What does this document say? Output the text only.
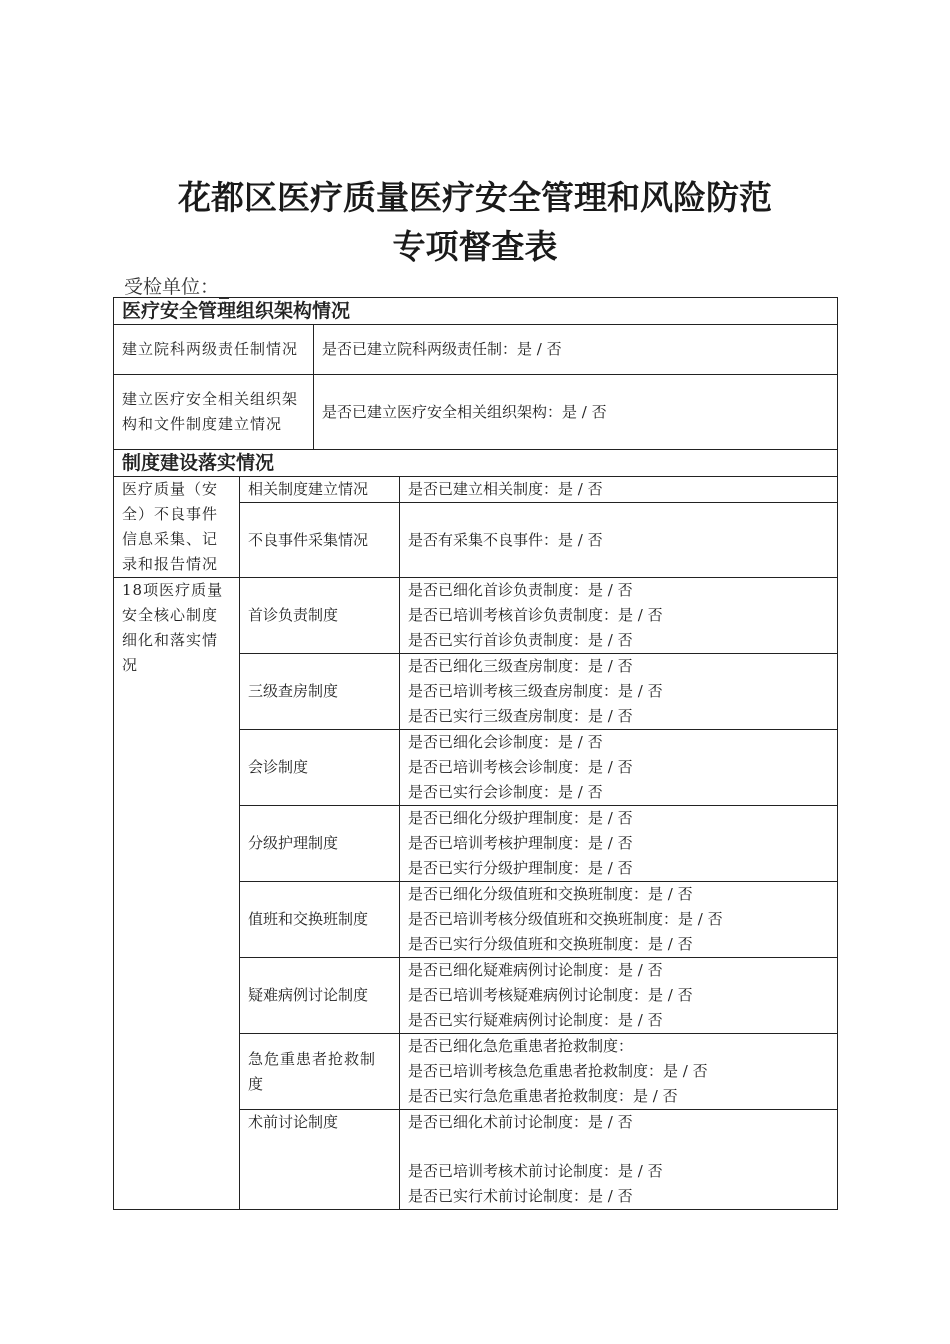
花都区医疗质量医疗安全管理和风险防范
专项督查表
受检单位：
医疗安全管理组织架构情况			
建立院科两级责任制情况		是否已建立院科两级责任制：是 / 否	
建立医疗安全相关组织架构和文件制度建立情况		是否已建立医疗安全相关组织架构：是 / 否	
制度建设落实情况			
医疗质量（安全）不良事件信息采集、记录和报告情况	相关制度建立情况		是否已建立相关制度：是 / 否
	不良事件采集情况		是否有采集不良事件：是 / 否
18项医疗质量安全核心制度细化和落实情况	首诊负责制度		是否已细化首诊负责制度：是 / 否
是否已培训考核首诊负责制度：是 / 否
是否已实行首诊负责制度：是 / 否

	三级查房制度		是否已细化三级查房制度：是 / 否
是否已培训考核三级查房制度：是 / 否
是否已实行三级查房制度：是 / 否

	会诊制度		是否已细化会诊制度：是 / 否
是否已培训考核会诊制度：是 / 否
是否已实行会诊制度：是 / 否

	分级护理制度		是否已细化分级护理制度：是 / 否
是否已培训考核护理制度：是 / 否
是否已实行分级护理制度：是 / 否

	值班和交换班制度		是否已细化分级值班和交换班制度：是 / 否
是否已培训考核分级值班和交换班制度：是 / 否
是否已实行分级值班和交换班制度：是 / 否

	疑难病例讨论制度		是否已细化疑难病例讨论制度：是 / 否
是否已培训考核疑难病例讨论制度：是 / 否
是否已实行疑难病例讨论制度：是 / 否

	急危重患者抢救制度		是否已细化急危重患者抢救制度：
是否已培训考核急危重患者抢救制度：是 / 否
是否已实行急危重患者抢救制度：是 / 否

	术前讨论制度		是否已细化术前讨论制度：是 / 否
是否已培训考核术前讨论制度：是 / 否
是否已实行术前讨论制度：是 / 否
